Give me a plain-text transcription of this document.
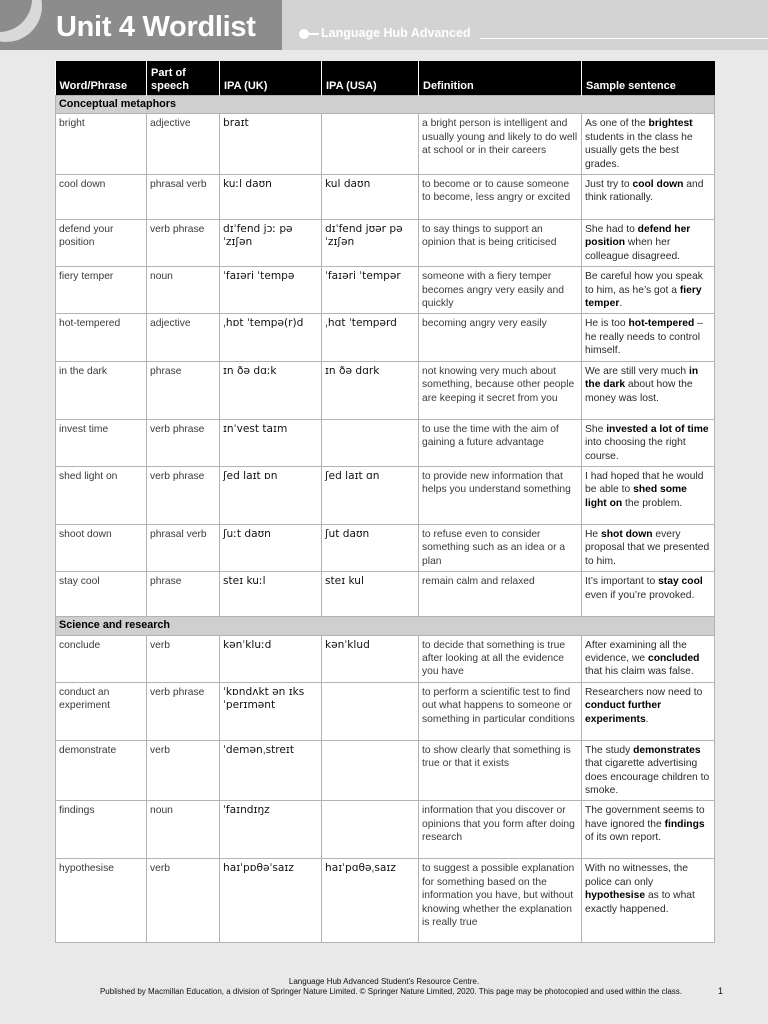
Unit 4 Wordlist	Language Hub Advanced
Word/Phrase	Part of speech	IPA (UK)	IPA (USA)	Definition	Sample sentence
Conceptual metaphors					
bright	adjective	braɪt		a bright person is intelligent and usually young and likely to do well at school or in their careers	As one of the brightest students in the class he usually gets the best grades.
cool down	phrasal verb	kuːl daʊn	kul daʊn	to become or to cause someone to become, less angry or excited	Just try to cool down and think rationally.
defend your position	verb phrase	dɪˈfend jɔː pəˈzɪʃən	dɪˈfend jʊər pəˈzɪʃən	to say things to support an opinion that is being criticised	She had to defend her position when her colleague disagreed.
fiery temper	noun	ˈfaɪəri ˈtempə	ˈfaɪəri ˈtempər	someone with a fiery temper becomes angry very easily and quickly	Be careful how you speak to him, as he’s got a fiery temper.
hot-tempered	adjective	ˌhɒt ˈtempə(r)d	ˌhɑt ˈtempərd	becoming angry very easily	He is too hot-tempered – he really needs to control himself.
in the dark	phrase	ɪn ðə dɑːk	ɪn ðə dɑrk	not knowing very much about something, because other people are keeping it secret from you	We are still very much in the dark about how the money was lost.
invest time	verb phrase	ɪnˈvest taɪm		to use the time with the aim of gaining a future advantage	She invested a lot of time into choosing the right course.
shed light on	verb phrase	ʃed laɪt ɒn	ʃed laɪt ɑn	to provide new information that helps you understand something	I had hoped that he would be able to shed some light on the problem.
shoot down	phrasal verb	ʃuːt daʊn	ʃut daʊn	to refuse even to consider something such as an idea or a plan	He shot down every proposal that we presented to him.
stay cool	phrase	steɪ kuːl	steɪ kul	remain calm and relaxed	It’s important to stay cool even if you’re provoked.
Science and research					
conclude	verb	kənˈkluːd	kənˈklud	to decide that something is true after looking at all the evidence you have	After examining all the evidence, we concluded that his claim was false.
conduct an experiment	verb phrase	ˈkɒndʌkt ən ɪksˈperɪmənt		to perform a scientific test to find out what happens to someone or something in particular conditions	Researchers now need to conduct further experiments.
demonstrate	verb	ˈdemənˌstreɪt		to show clearly that something is true or that it exists	The study demonstrates that cigarette advertising does encourage children to smoke.
findings	noun	ˈfaɪndɪŋz		information that you discover or opinions that you form after doing research	The government seems to have ignored the findings of its own report.
hypothesise	verb	haɪˈpɒθəˈsaɪz	haɪˈpɑθəˌsaɪz	to suggest a possible explanation for something based on the information you have, but without knowing whether the explanation is really true	With no witnesses, the police can only hypothesise as to what exactly happened.
Language Hub Advanced Student’s Resource Centre.
Published by Macmillan Education, a division of Springer Nature Limited. © Springer Nature Limited, 2020. This page may be photocopied and used within the class.	1
